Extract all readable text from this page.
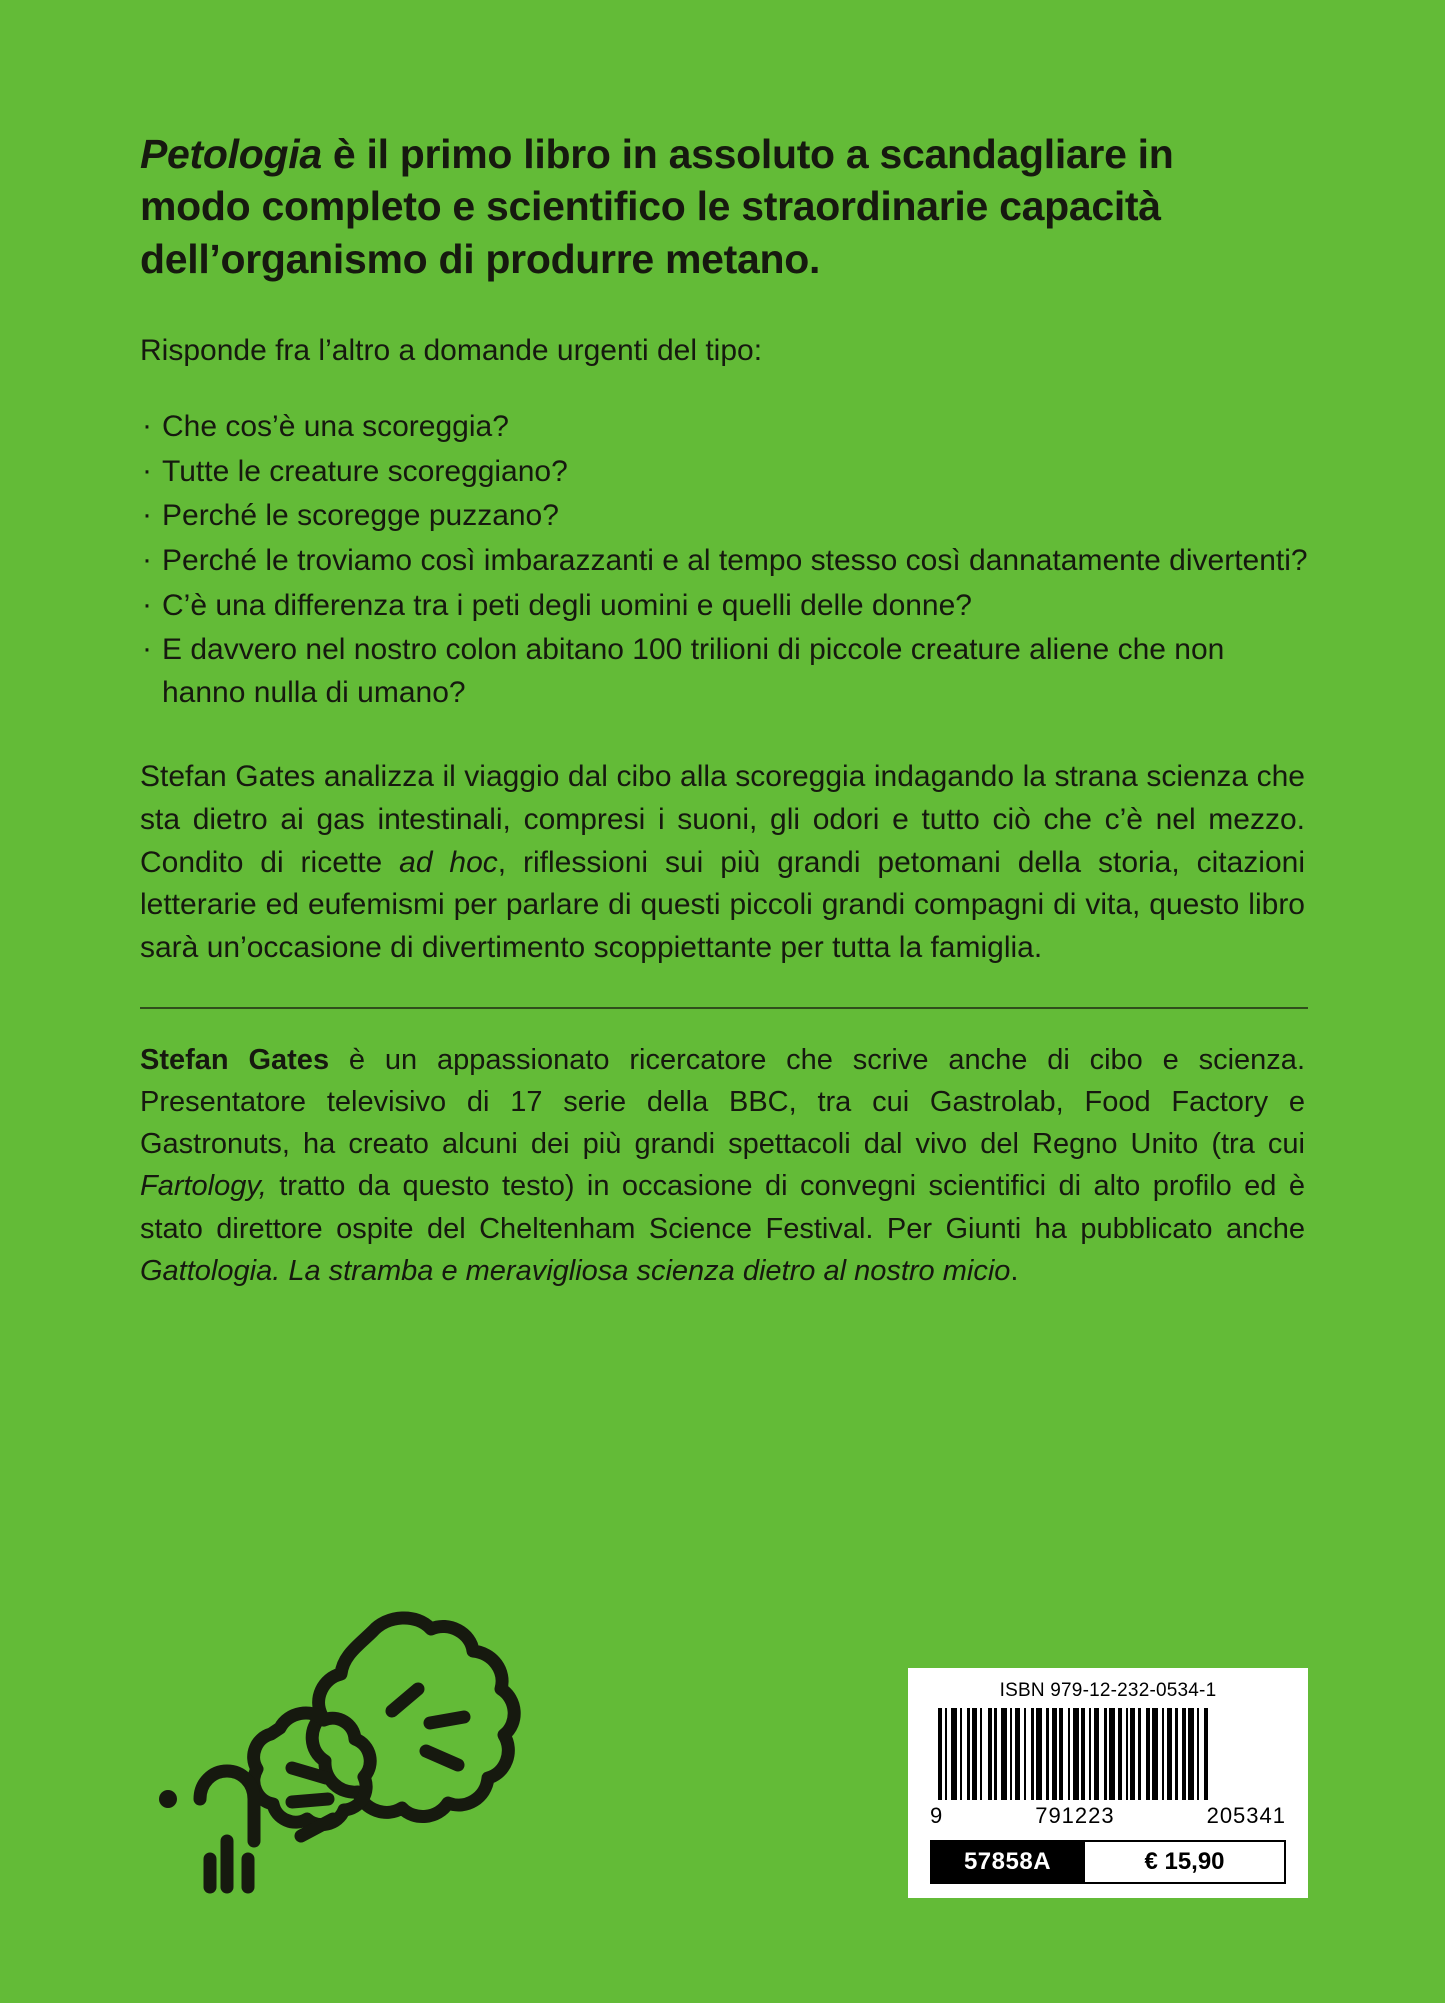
Petologia è il primo libro in assoluto a scandagliare in modo completo e scientifico le straordinarie capacità dell’organismo di produrre metano.

Risponde fra l’altro a domande urgenti del tipo:

· Che cos’è una scoreggia?
· Tutte le creature scoreggiano?
· Perché le scoregge puzzano?
· Perché le troviamo così imbarazzanti e al tempo stesso così dannatamente divertenti?
· C’è una differenza tra i peti degli uomini e quelli delle donne?
· E davvero nel nostro colon abitano 100 trilioni di piccole creature aliene che non hanno nulla di umano?

Stefan Gates analizza il viaggio dal cibo alla scoreggia indagando la strana scienza che sta dietro ai gas intestinali, compresi i suoni, gli odori e tutto ciò che c’è nel mezzo. Condito di ricette ad hoc, riflessioni sui più grandi petomani della storia, citazioni letterarie ed eufemismi per parlare di questi piccoli grandi compagni di vita, questo libro sarà un’occasione di divertimento scoppiettante per tutta la famiglia.

Stefan Gates è un appassionato ricercatore che scrive anche di cibo e scienza. Presentatore televisivo di 17 serie della BBC, tra cui Gastrolab, Food Factory e Gastronuts, ha creato alcuni dei più grandi spettacoli dal vivo del Regno Unito (tra cui Fartology, tratto da questo testo) in occasione di convegni scientifici di alto profilo ed è stato direttore ospite del Cheltenham Science Festival. Per Giunti ha pubblicato anche Gattologia. La stramba e meravigliosa scienza dietro al nostro micio.

ISBN 979-12-232-0534-1
9	791223	205341
57858A	€ 15,90
